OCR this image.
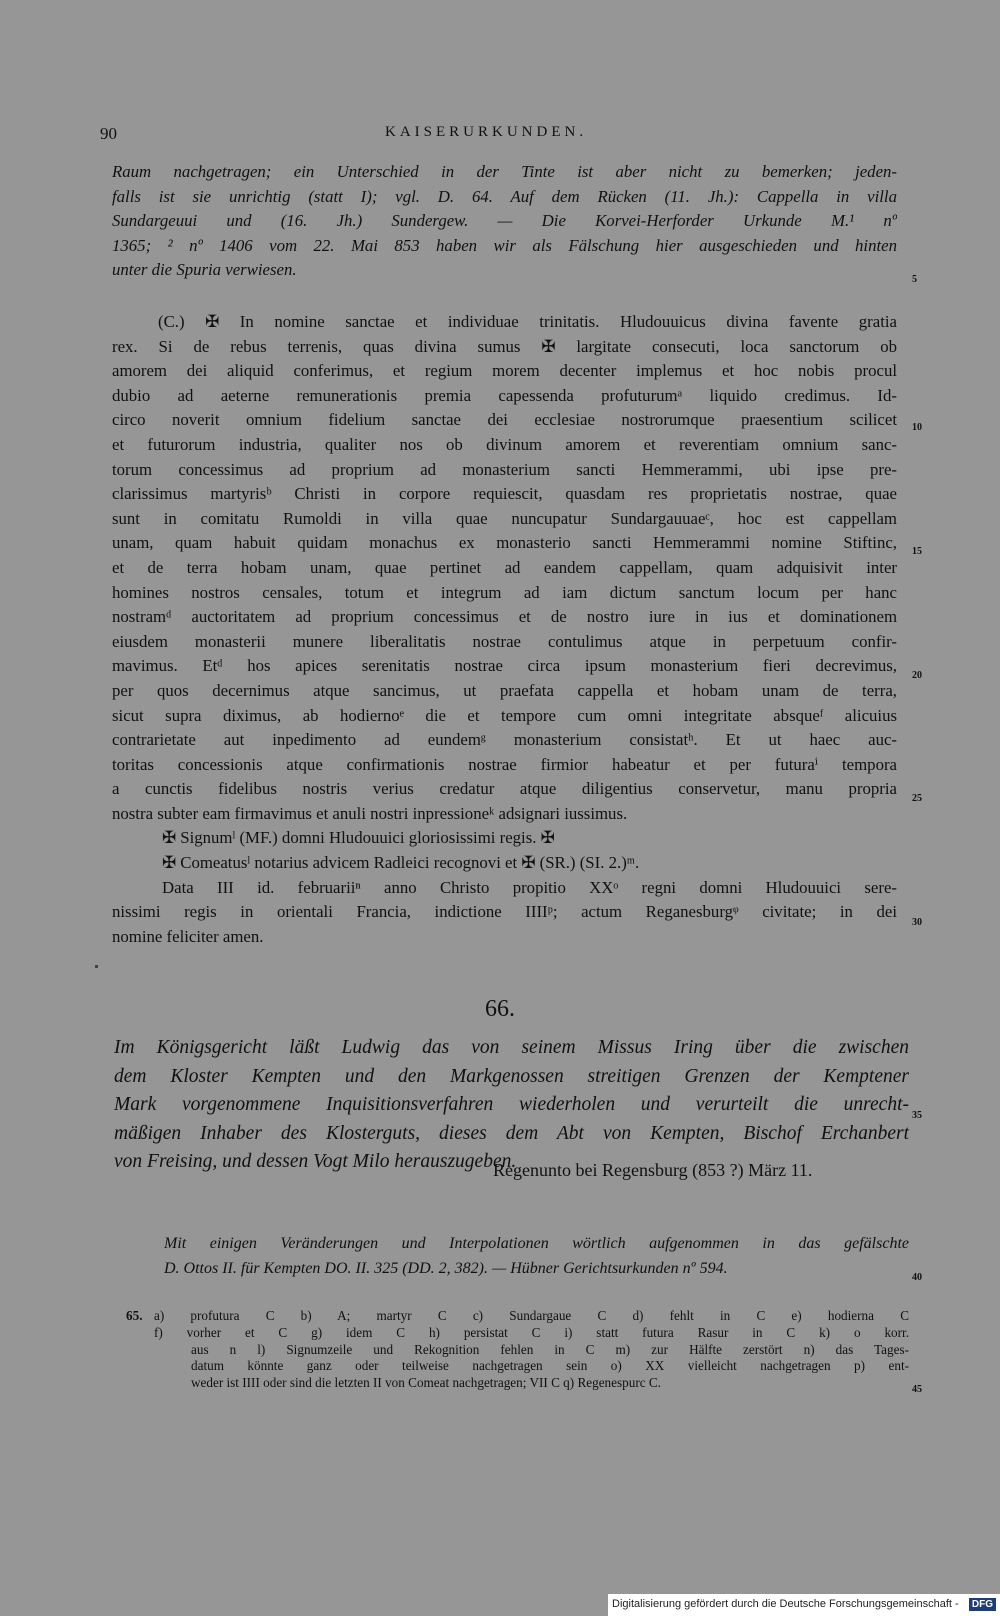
90	KAISERURKUNDEN.
Raum nachgetragen; ein Unterschied in der Tinte ist aber nicht zu bemerken; jeden-
falls ist sie unrichtig (statt I); vgl. D. 64. Auf dem Rücken (11. Jh.): Cappella in villa
Sundargeuui und (16. Jh.) Sundergew. — Die Korvei-Herforder Urkunde M.¹ nº
1365; ² nº 1406 vom 22. Mai 853 haben wir als Fälschung hier ausgeschieden und hinten
unter die Spuria verwiesen.
(C.) ✠ In nomine sanctae et individuae trinitatis. Hludouuicus divina favente gratia
rex. Si de rebus terrenis, quas divina sumus ✠ largitate consecuti, loca sanctorum ob
amorem dei aliquid conferimus, et regium morem decenter implemus et hoc nobis procul
dubio ad aeterne remunerationis premia capessenda profuturumᵃ liquido credimus. Id-
circo noverit omnium fidelium sanctae dei ecclesiae nostrorumque praesentium scilicet
et futurorum industria, qualiter nos ob divinum amorem et reverentiam omnium sanc-
torum concessimus ad proprium ad monasterium sancti Hemmerammi, ubi ipse pre-
clarissimus martyrisᵇ Christi in corpore requiescit, quasdam res proprietatis nostrae, quae
sunt in comitatu Rumoldi in villa quae nuncupatur Sundargauuaeᶜ, hoc est cappellam
unam, quam habuit quidam monachus ex monasterio sancti Hemmerammi nomine Stiftinc,
et de terra hobam unam, quae pertinet ad eandem cappellam, quam adquisivit inter
homines nostros censales, totum et integrum ad iam dictum sanctum locum per hanc
nostramᵈ auctoritatem ad proprium concessimus et de nostro iure in ius et dominationem
eiusdem monasterii munere liberalitatis nostrae contulimus atque in perpetuum confir-
mavimus. Etᵈ hos apices serenitatis nostrae circa ipsum monasterium fieri decrevimus,
per quos decernimus atque sancimus, ut praefata cappella et hobam unam de terra,
sicut supra diximus, ab hodiernoᵉ die et tempore cum omni integritate absqueᶠ alicuius
contrarietate aut inpedimento ad eundemᵍ monasterium consistatʰ. Et ut haec auc-
toritas concessionis atque confirmationis nostrae firmior habeatur et per futuraⁱ tempora
a cunctis fidelibus nostris verius credatur atque diligentius conservetur, manu propria
nostra subter eam firmavimus et anuli nostri inpressioneᵏ adsignari iussimus.
✠ Signumˡ (MF.) domni Hludouuici gloriosissimi regis. ✠
✠ Comeatusˡ notarius advicem Radleici recognovi et ✠ (SR.) (SI. 2.)ᵐ.
Data III id. februariiⁿ anno Christo propitio XXᵒ regni domni Hludouuici sere-
nissimi regis in orientali Francia, indictione IIIIᵖ; actum Reganesburgᵠ civitate; in dei
nomine feliciter amen.
5
10
15
20
25
30
35
40
45
66.
Im Königsgericht läßt Ludwig das von seinem Missus Iring über die zwischen
dem Kloster Kempten und den Markgenossen streitigen Grenzen der Kemptener
Mark vorgenommene Inquisitionsverfahren wiederholen und verurteilt die unrecht-
mäßigen Inhaber des Klosterguts, dieses dem Abt von Kempten, Bischof Erchanbert
von Freising, und dessen Vogt Milo herauszugeben.
Regenunto bei Regensburg (853 ?) März 11.
Mit einigen Veränderungen und Interpolationen wörtlich aufgenommen in das gefälschte
D. Ottos II. für Kempten DO. II. 325 (DD. 2, 382). — Hübner Gerichtsurkunden nº 594.
65. a) profutura C b) A; martyr C c) Sundargaue C d) fehlt in C e) hodierna C
f) vorher et C g) idem C h) persistat C i) statt futura Rasur in C k) o korr.
aus n l) Signumzeile und Rekognition fehlen in C m) zur Hälfte zerstört n) das Tages-
datum könnte ganz oder teilweise nachgetragen sein o) XX vielleicht nachgetragen p) ent-
weder ist IIII oder sind die letzten II von Comeat nachgetragen; VII C q) Regenespurc C.
Digitalisierung gefördert durch die Deutsche Forschungsgemeinschaft -	DFG
